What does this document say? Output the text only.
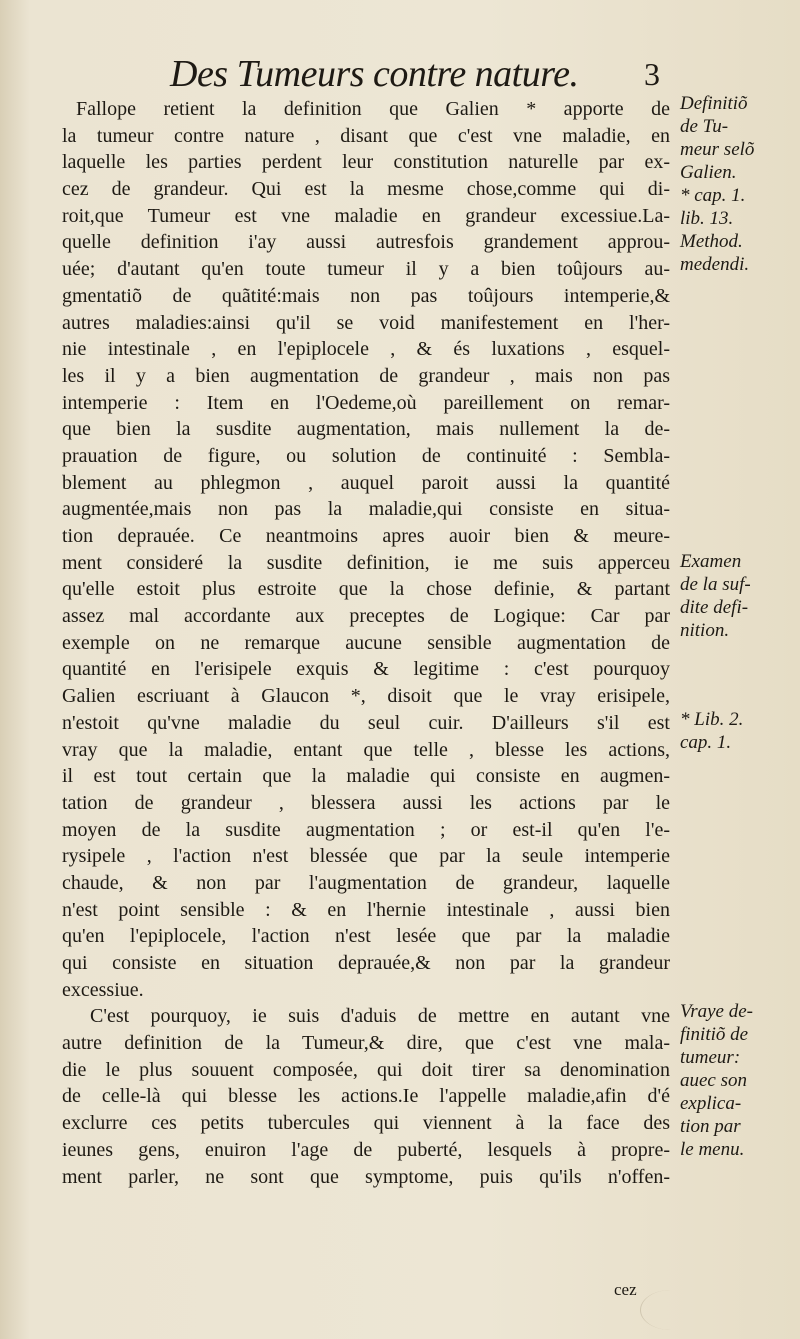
Des Tumeurs contre nature. 3
Fallope retient la definition que Galien * apporte de
la tumeur contre nature , disant que c'est vne maladie, en
laquelle les parties perdent leur constitution naturelle par ex-
cez de grandeur. Qui est la mesme chose,comme qui di-
roit,que Tumeur est vne maladie en grandeur excessiue.La-
quelle definition i'ay aussi autresfois grandement approu-
uée; d'autant qu'en toute tumeur il y a bien toûjours au-
gmentatiõ de quãtité:mais non pas toûjours intemperie,&
autres maladies:ainsi qu'il se void manifestement en l'her-
nie intestinale , en l'epiplocele , & és luxations , esquel-
les il y a bien augmentation de grandeur , mais non pas
intemperie : Item en l'Oedeme,où pareillement on remar-
que bien la susdite augmentation, mais nullement la de-
prauation de figure, ou solution de continuité : Sembla-
blement au phlegmon , auquel paroit aussi la quantité
augmentée,mais non pas la maladie,qui consiste en situa-
tion deprauée. Ce neantmoins apres auoir bien & meure-
ment consideré la susdite definition, ie me suis apperceu
qu'elle estoit plus estroite que la chose definie, & partant
assez mal accordante aux preceptes de Logique: Car par
exemple on ne remarque aucune sensible augmentation de
quantité en l'erisipele exquis & legitime : c'est pourquoy
Galien escriuant à Glaucon *, disoit que le vray erisipele,
n'estoit qu'vne maladie du seul cuir. D'ailleurs s'il est
vray que la maladie, entant que telle , blesse les actions,
il est tout certain que la maladie qui consiste en augmen-
tation de grandeur , blessera aussi les actions par le
moyen de la susdite augmentation ; or est-il qu'en l'e-
rysipele , l'action n'est blessée que par la seule intemperie
chaude, & non par l'augmentation de grandeur, laquelle
n'est point sensible : & en l'hernie intestinale , aussi bien
qu'en l'epiplocele, l'action n'est lesée que par la maladie
qui consiste en situation deprauée,& non par la grandeur
excessiue.
C'est pourquoy, ie suis d'aduis de mettre en autant vne
autre definition de la Tumeur,& dire, que c'est vne mala-
die le plus souuent composée, qui doit tirer sa denomination
de celle-là qui blesse les actions.Ie l'appelle maladie,afin d'é
exclurre ces petits tubercules qui viennent à la face des
ieunes gens, enuiron l'age de puberté, lesquels à propre-
ment parler, ne sont que symptome, puis qu'ils n'offen-
Definitiõ
de Tu-
meur selõ
Galien.
* cap. 1.
lib. 13.
Method.
medendi.
Examen
de la suf-
dite defi-
nition.
* Lib. 2.
cap. 1.
Vraye de-
finitiõ de
tumeur:
auec son
explica-
tion par
le menu.
cez
